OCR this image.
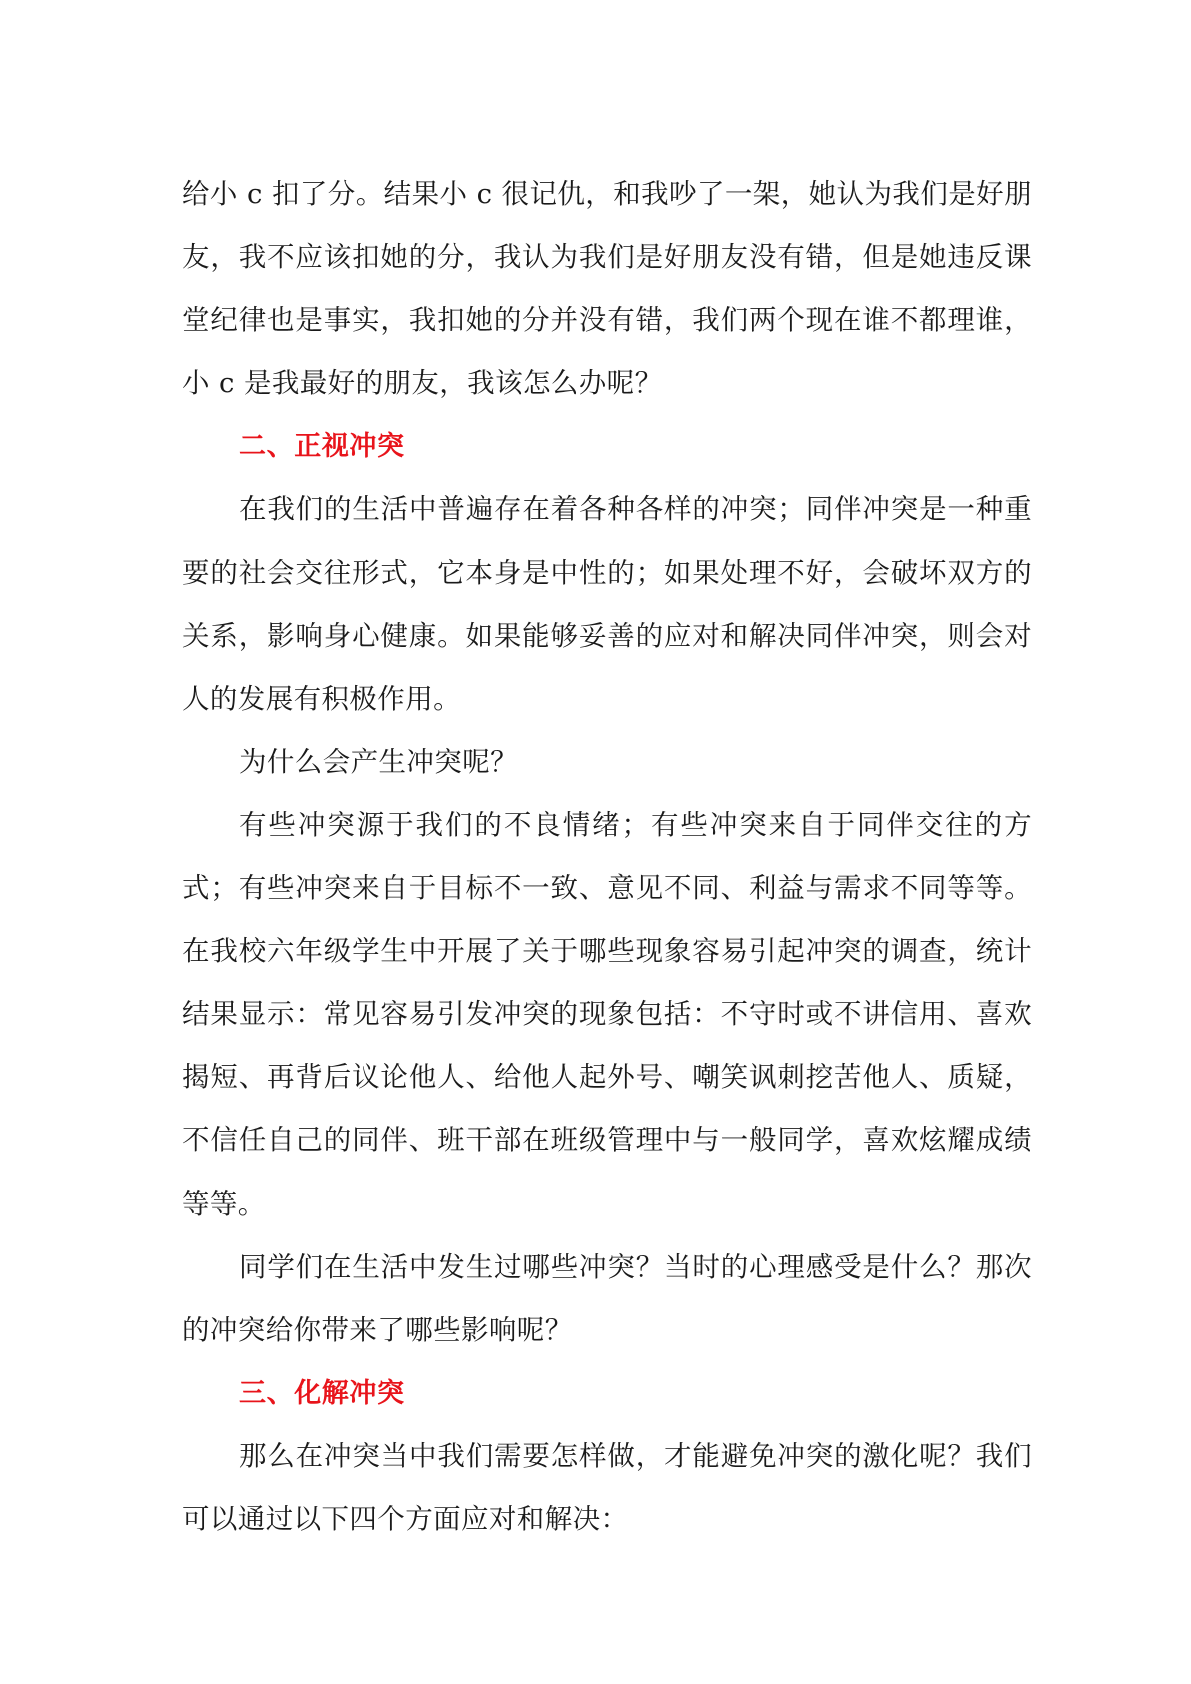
给小 c 扣了分。结果小 c 很记仇，和我吵了一架，她认为我们是好朋友，我不应该扣她的分，我认为我们是好朋友没有错，但是她违反课堂纪律也是事实，我扣她的分并没有错，我们两个现在谁不都理谁，小 c 是我最好的朋友，我该怎么办呢？

二、正视冲突

在我们的生活中普遍存在着各种各样的冲突；同伴冲突是一种重要的社会交往形式，它本身是中性的；如果处理不好，会破坏双方的关系，影响身心健康。如果能够妥善的应对和解决同伴冲突，则会对人的发展有积极作用。

为什么会产生冲突呢？

有些冲突源于我们的不良情绪；有些冲突来自于同伴交往的方式；有些冲突来自于目标不一致、意见不同、利益与需求不同等等。在我校六年级学生中开展了关于哪些现象容易引起冲突的调查，统计结果显示：常见容易引发冲突的现象包括：不守时或不讲信用、喜欢揭短、再背后议论他人、给他人起外号、嘲笑讽刺挖苦他人、质疑，不信任自己的同伴、班干部在班级管理中与一般同学，喜欢炫耀成绩等等。

同学们在生活中发生过哪些冲突？当时的心理感受是什么？那次的冲突给你带来了哪些影响呢？

三、化解冲突

那么在冲突当中我们需要怎样做，才能避免冲突的激化呢？我们可以通过以下四个方面应对和解决：
